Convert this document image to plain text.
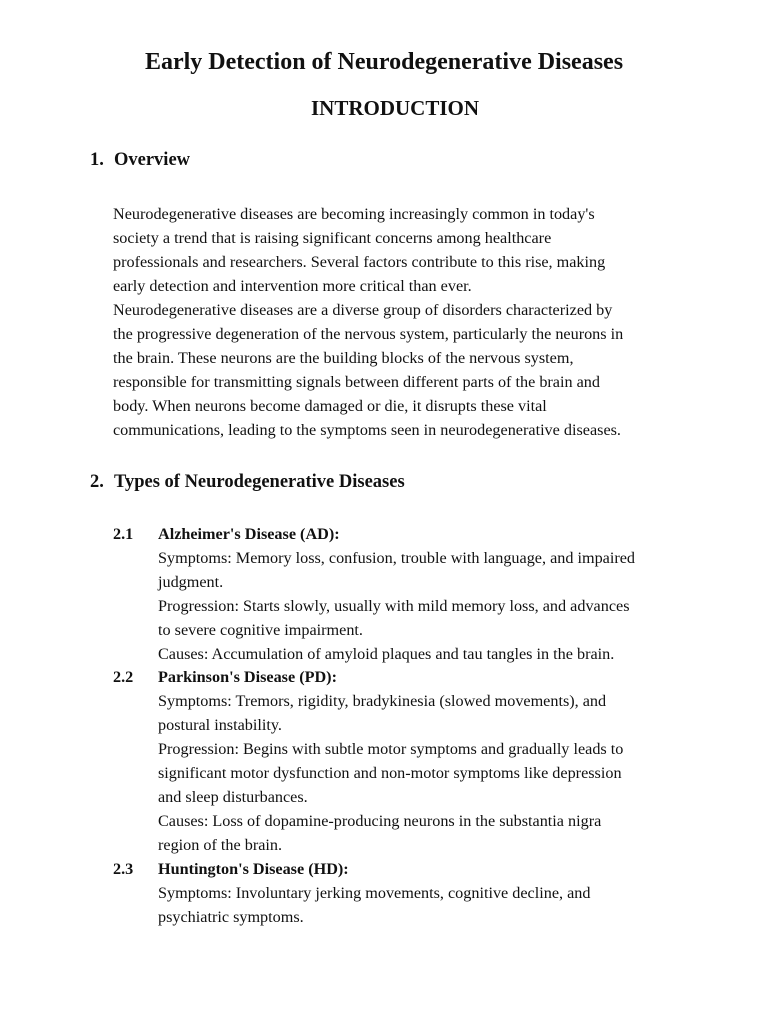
Early Detection of Neurodegenerative Diseases
INTRODUCTION
1. Overview
Neurodegenerative diseases are becoming increasingly common in today's
society a trend that is raising significant concerns among healthcare
professionals and researchers. Several factors contribute to this rise, making
early detection and intervention more critical than ever.
Neurodegenerative diseases are a diverse group of disorders characterized by
the progressive degeneration of the nervous system, particularly the neurons in
the brain. These neurons are the building blocks of the nervous system,
responsible for transmitting signals between different parts of the brain and
body. When neurons become damaged or die, it disrupts these vital
communications, leading to the symptoms seen in neurodegenerative diseases.
2. Types of Neurodegenerative Diseases
2.1 Alzheimer's Disease (AD):
Symptoms: Memory loss, confusion, trouble with language, and impaired
judgment.
Progression: Starts slowly, usually with mild memory loss, and advances
to severe cognitive impairment.
Causes: Accumulation of amyloid plaques and tau tangles in the brain.
2.2 Parkinson's Disease (PD):
Symptoms: Tremors, rigidity, bradykinesia (slowed movements), and
postural instability.
Progression: Begins with subtle motor symptoms and gradually leads to
significant motor dysfunction and non-motor symptoms like depression
and sleep disturbances.
Causes: Loss of dopamine-producing neurons in the substantia nigra
region of the brain.
2.3 Huntington's Disease (HD):
Symptoms: Involuntary jerking movements, cognitive decline, and
psychiatric symptoms.
